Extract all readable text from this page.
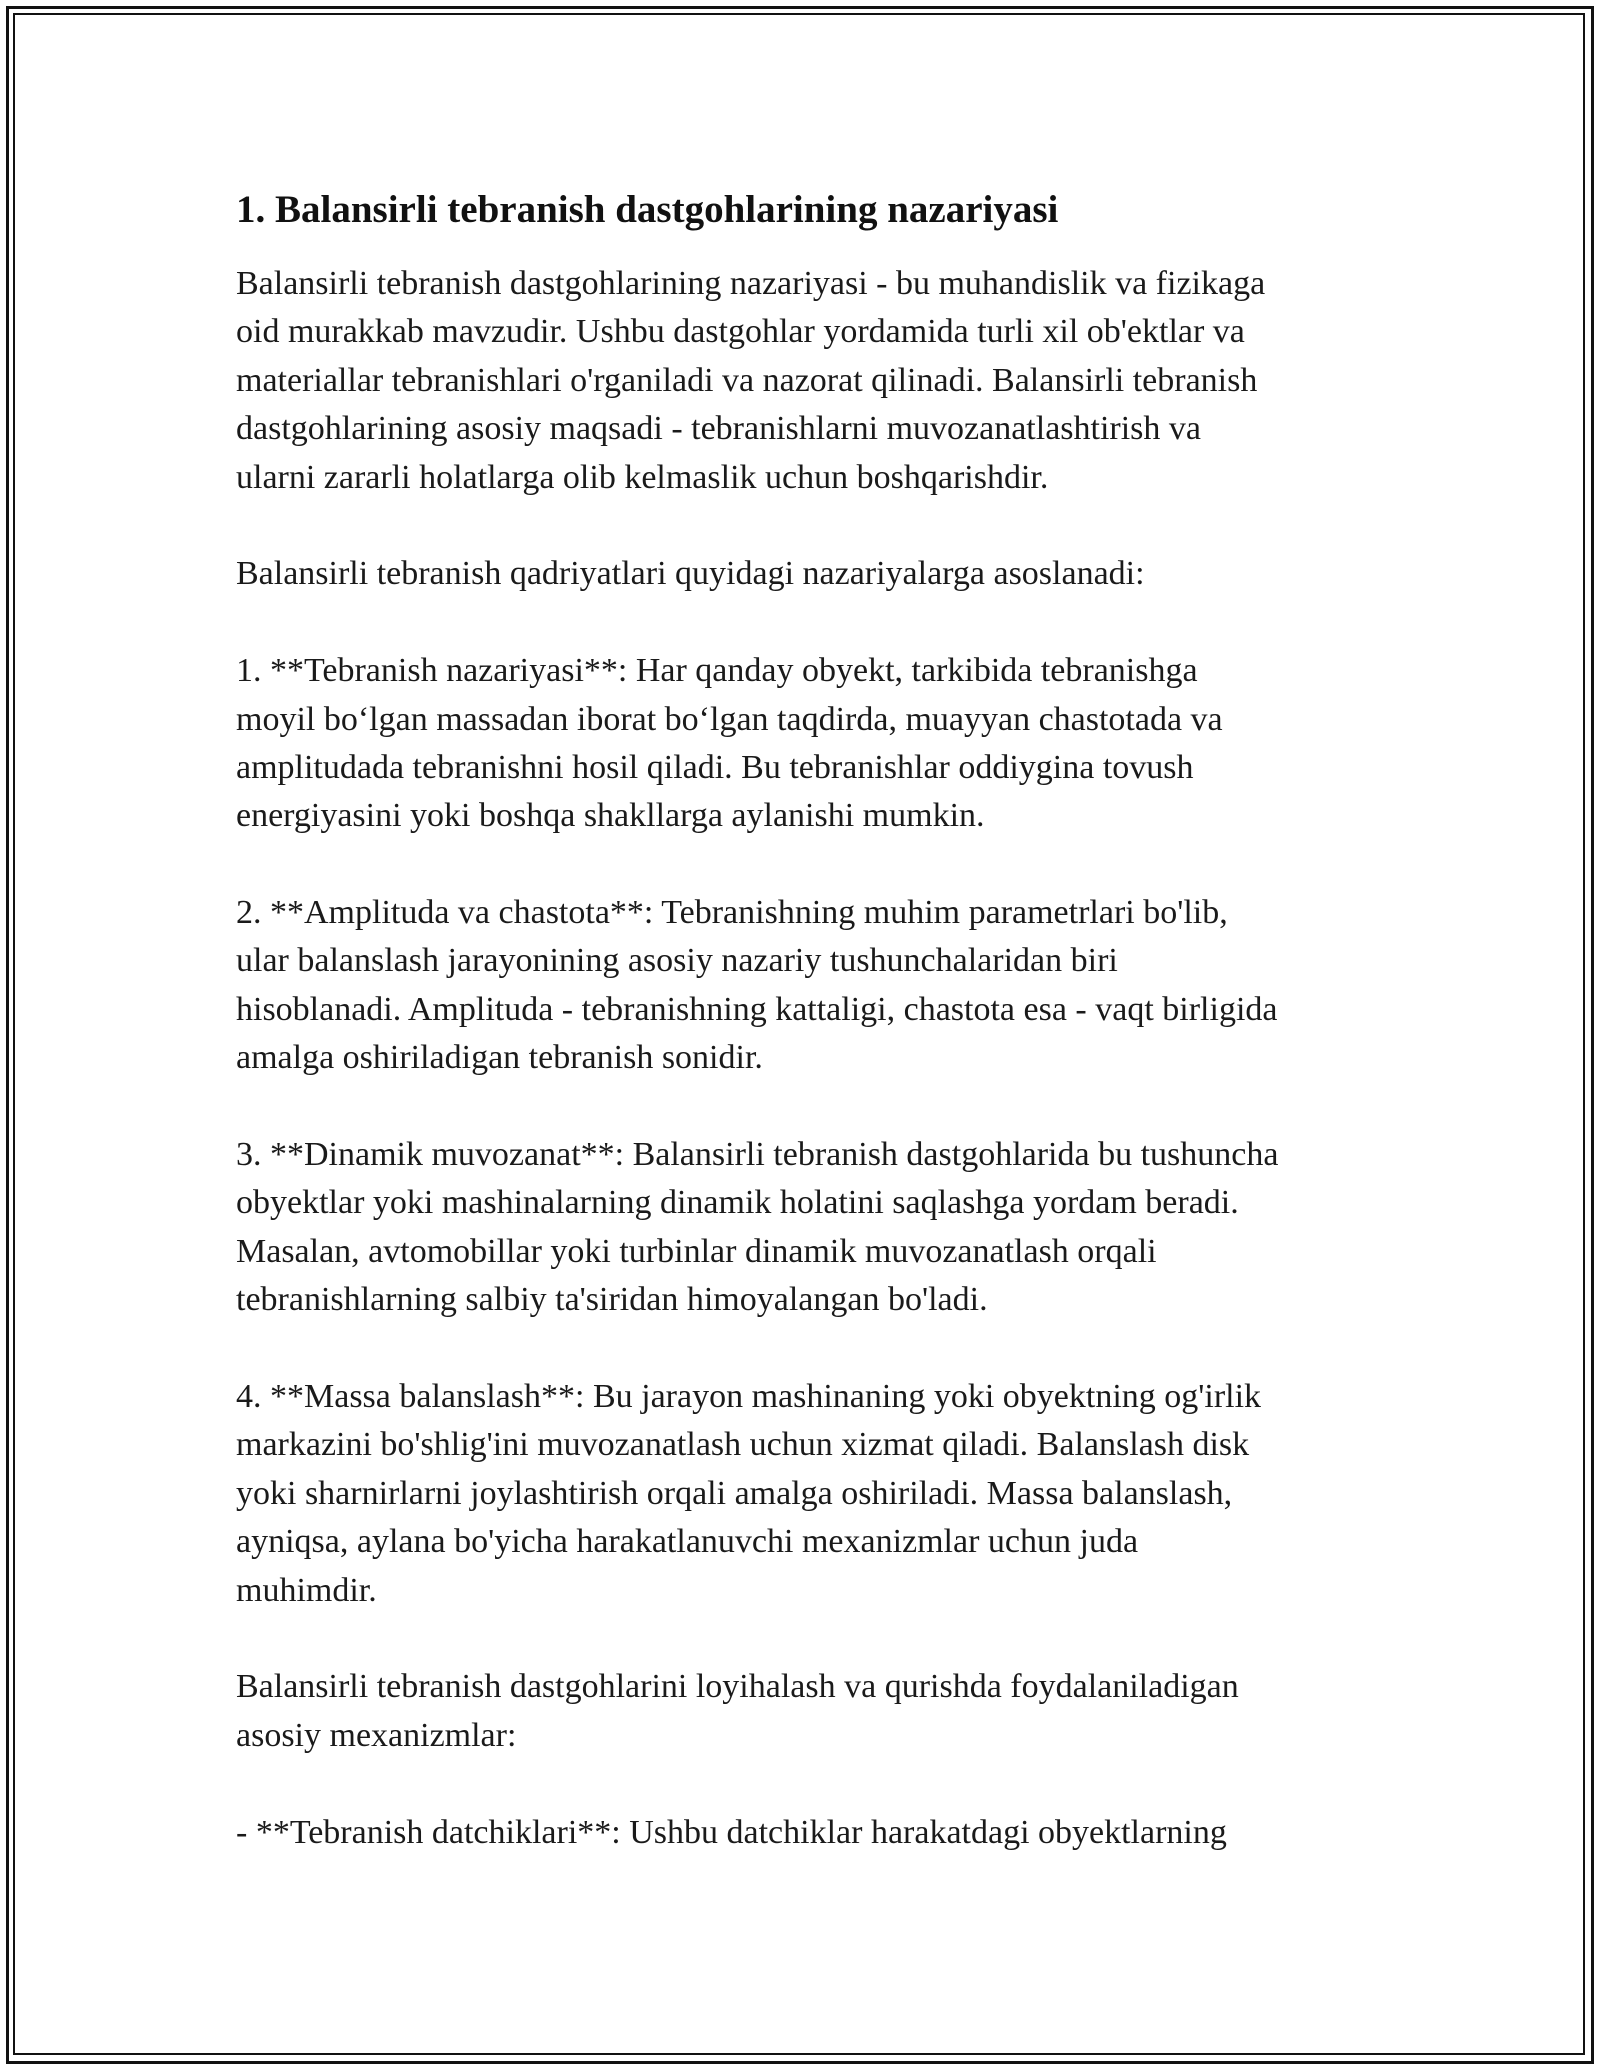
1. Balansirli tebranish dastgohlarining nazariyasi
Balansirli tebranish dastgohlarining nazariyasi - bu muhandislik va fizikaga
oid murakkab mavzudir. Ushbu dastgohlar yordamida turli xil ob'ektlar va
materiallar tebranishlari o'rganiladi va nazorat qilinadi. Balansirli tebranish
dastgohlarining asosiy maqsadi - tebranishlarni muvozanatlashtirish va
ularni zararli holatlarga olib kelmaslik uchun boshqarishdir.
Balansirli tebranish qadriyatlari quyidagi nazariyalarga asoslanadi:
1. **Tebranish nazariyasi**: Har qanday obyekt, tarkibida tebranishga
moyil bo‘lgan massadan iborat bo‘lgan taqdirda, muayyan chastotada va
amplitudada tebranishni hosil qiladi. Bu tebranishlar oddiygina tovush
energiyasini yoki boshqa shakllarga aylanishi mumkin.
2. **Amplituda va chastota**: Tebranishning muhim parametrlari bo'lib,
ular balanslash jarayonining asosiy nazariy tushunchalaridan biri
hisoblanadi. Amplituda - tebranishning kattaligi, chastota esa - vaqt birligida
amalga oshiriladigan tebranish sonidir.
3. **Dinamik muvozanat**: Balansirli tebranish dastgohlarida bu tushuncha
obyektlar yoki mashinalarning dinamik holatini saqlashga yordam beradi.
Masalan, avtomobillar yoki turbinlar dinamik muvozanatlash orqali
tebranishlarning salbiy ta'siridan himoyalangan bo'ladi.
4. **Massa balanslash**: Bu jarayon mashinaning yoki obyektning og'irlik
markazini bo'shlig'ini muvozanatlash uchun xizmat qiladi. Balanslash disk
yoki sharnirlarni joylashtirish orqali amalga oshiriladi. Massa balanslash,
ayniqsa, aylana bo'yicha harakatlanuvchi mexanizmlar uchun juda
muhimdir.
Balansirli tebranish dastgohlarini loyihalash va qurishda foydalaniladigan
asosiy mexanizmlar:
- **Tebranish datchiklari**: Ushbu datchiklar harakatdagi obyektlarning
